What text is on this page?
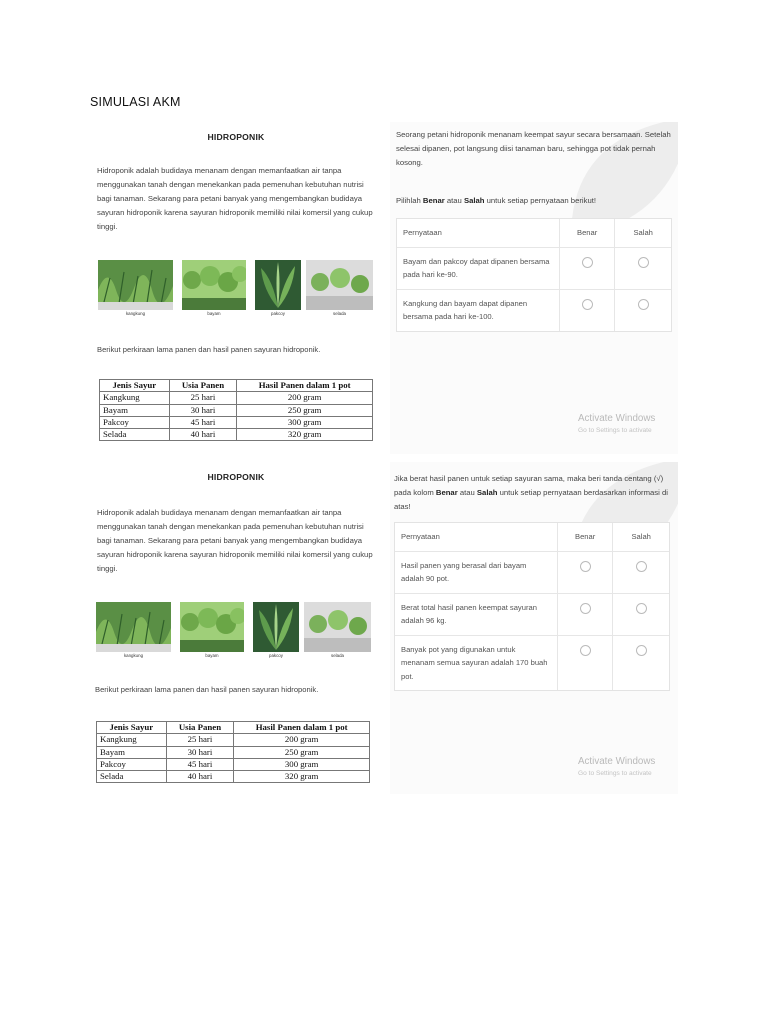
SIMULASI AKM
HIDROPONIK

Hidroponik adalah budidaya menanam dengan memanfaatkan air tanpa menggunakan tanah dengan menekankan pada pemenuhan kebutuhan nutrisi bagi tanaman. Sekarang para petani banyak yang mengembangkan budidaya sayuran hidroponik karena sayuran hidroponik memiliki nilai komersil yang cukup tinggi.

kangkung	bayam	pakcoy	selada
Berikut perkiraan lama panen dan hasil panen sayuran hidroponik.
Jenis Sayur	Usia Panen	Hasil Panen dalam 1 pot
Kangkung	25 hari	200 gram
Bayam	30 hari	250 gram
Pakcoy	45 hari	300 gram
Selada	40 hari	320 gram

Seorang petani hidroponik menanam keempat sayur secara bersamaan. Setelah selesai dipanen, pot langsung diisi tanaman baru, sehingga pot tidak pernah kosong.

Pilihlah Benar atau Salah untuk setiap pernyataan berikut!

Pernyataan	Benar	Salah
Bayam dan pakcoy dapat dipanen bersama pada hari ke-90.
Kangkung dan bayam dapat dipanen bersama pada hari ke-100.
Activate Windows
Go to Settings to activate
HIDROPONIK

Hidroponik adalah budidaya menanam dengan memanfaatkan air tanpa menggunakan tanah dengan menekankan pada pemenuhan kebutuhan nutrisi bagi tanaman. Sekarang para petani banyak yang mengembangkan budidaya sayuran hidroponik karena sayuran hidroponik memiliki nilai komersil yang cukup tinggi.

kangkung	bayam	pakcoy	selada
Berikut perkiraan lama panen dan hasil panen sayuran hidroponik.
Jenis Sayur	Usia Panen	Hasil Panen dalam 1 pot
Kangkung	25 hari	200 gram
Bayam	30 hari	250 gram
Pakcoy	45 hari	300 gram
Selada	40 hari	320 gram

Jika berat hasil panen untuk setiap sayuran sama, maka beri tanda centang (√) pada kolom Benar atau Salah untuk setiap pernyataan berdasarkan informasi di atas!

Pernyataan	Benar	Salah
Hasil panen yang berasal dari bayam adalah 90 pot.
Berat total hasil panen keempat sayuran adalah 96 kg.
Banyak pot yang digunakan untuk menanam semua sayuran adalah 170 buah pot.
Activate Windows
Go to Settings to activate
